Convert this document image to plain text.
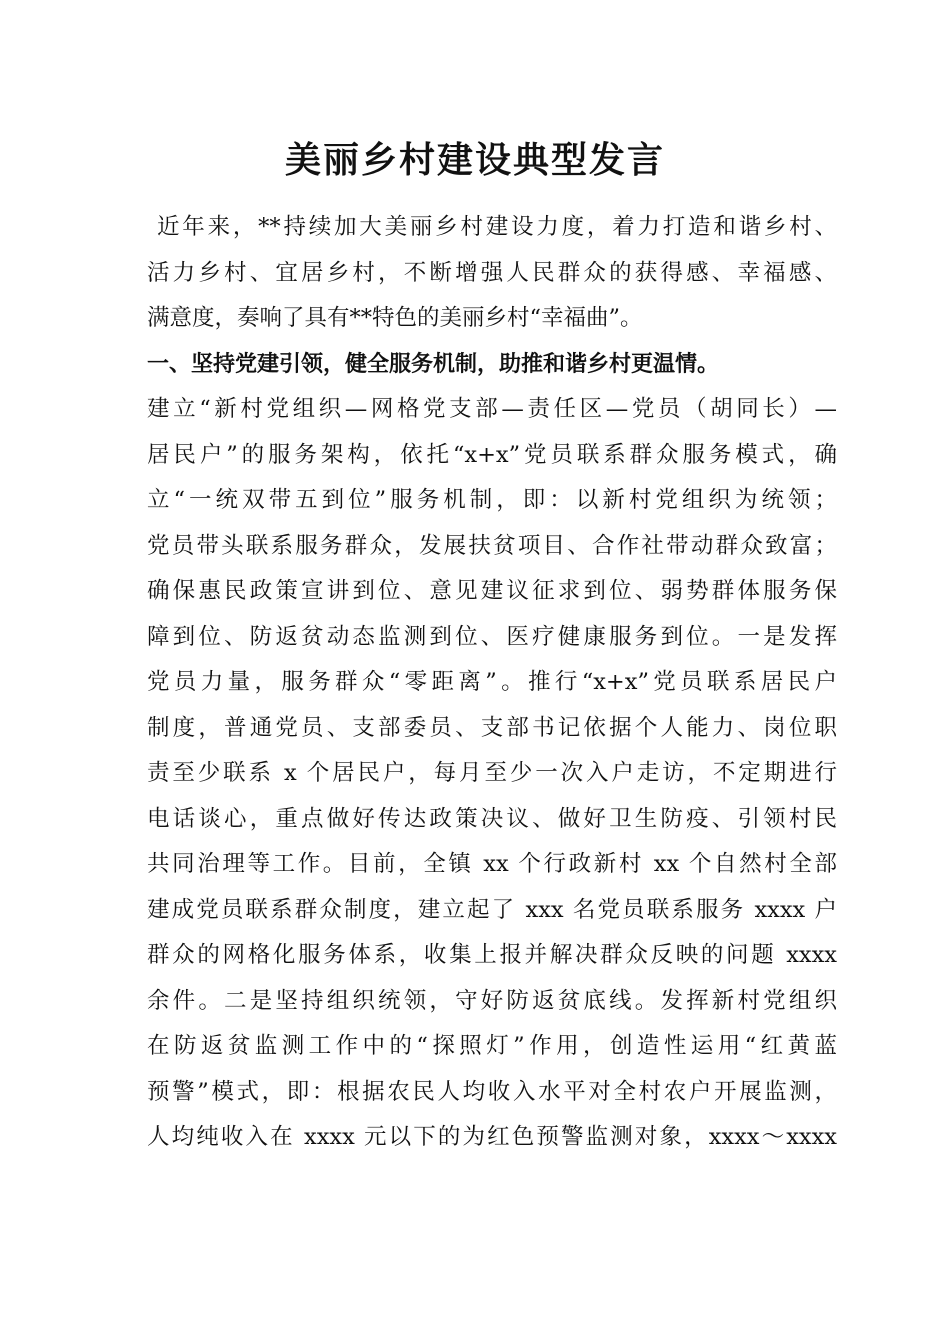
美丽乡村建设典型发言
近年来，**持续加大美丽乡村建设力度，着力打造和谐乡村、
活力乡村、宜居乡村，不断增强人民群众的获得感、幸福感、
满意度，奏响了具有**特色的美丽乡村“幸福曲”。
一、坚持党建引领，健全服务机制，助推和谐乡村更温情。
建立“新村党组织—网格党支部—责任区—党员（胡同长）—
居民户”的服务架构，依托“x+x”党员联系群众服务模式，确
立“一统双带五到位”服务机制，即：以新村党组织为统领；
党员带头联系服务群众，发展扶贫项目、合作社带动群众致富；
确保惠民政策宣讲到位、意见建议征求到位、弱势群体服务保
障到位、防返贫动态监测到位、医疗健康服务到位。一是发挥
党员力量，服务群众“零距离”。推行“x+x”党员联系居民户
制度，普通党员、支部委员、支部书记依据个人能力、岗位职
责至少联系 x 个居民户，每月至少一次入户走访，不定期进行
电话谈心，重点做好传达政策决议、做好卫生防疫、引领村民
共同治理等工作。目前，全镇 xx 个行政新村 xx 个自然村全部
建成党员联系群众制度，建立起了 xxx 名党员联系服务 xxxx 户
群众的网格化服务体系，收集上报并解决群众反映的问题 xxxx
余件。二是坚持组织统领，守好防返贫底线。发挥新村党组织
在防返贫监测工作中的“探照灯”作用，创造性运用“红黄蓝
预警”模式，即：根据农民人均收入水平对全村农户开展监测，
人均纯收入在 xxxx 元以下的为红色预警监测对象，xxxx～xxxx
